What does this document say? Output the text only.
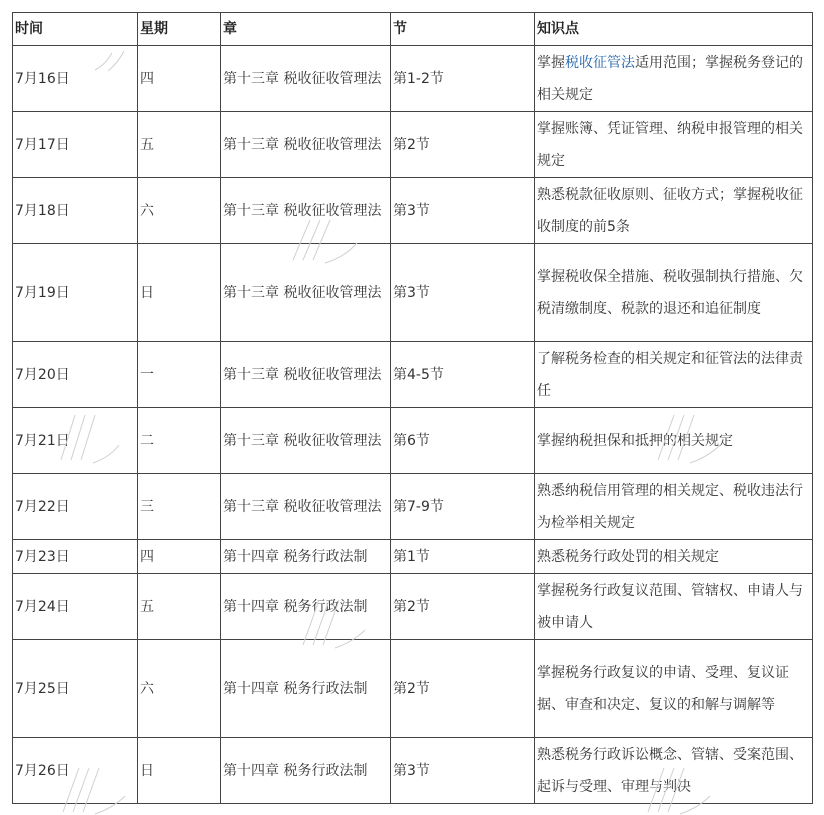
时间	星期	章	节	知识点
7月16日	四	第十三章 税收征收管理法	第1-2节	掌握税收征管法适用范围；掌握税务登记的相关规定
7月17日	五	第十三章 税收征收管理法	第2节	掌握账簿、凭证管理、纳税申报管理的相关规定
7月18日	六	第十三章 税收征收管理法	第3节	熟悉税款征收原则、征收方式；掌握税收征收制度的前5条
7月19日	日	第十三章 税收征收管理法	第3节	掌握税收保全措施、税收强制执行措施、欠税清缴制度、税款的退还和追征制度
7月20日	一	第十三章 税收征收管理法	第4-5节	了解税务检查的相关规定和征管法的法律责任
7月21日	二	第十三章 税收征收管理法	第6节	掌握纳税担保和抵押的相关规定
7月22日	三	第十三章 税收征收管理法	第7-9节	熟悉纳税信用管理的相关规定、税收违法行为检举相关规定
7月23日	四	第十四章 税务行政法制	第1节	熟悉税务行政处罚的相关规定
7月24日	五	第十四章 税务行政法制	第2节	掌握税务行政复议范围、管辖权、申请人与被申请人
7月25日	六	第十四章 税务行政法制	第2节	掌握税务行政复议的申请、受理、复议证据、审查和决定、复议的和解与调解等
7月26日	日	第十四章 税务行政法制	第3节	熟悉税务行政诉讼概念、管辖、受案范围、起诉与受理、审理与判决
